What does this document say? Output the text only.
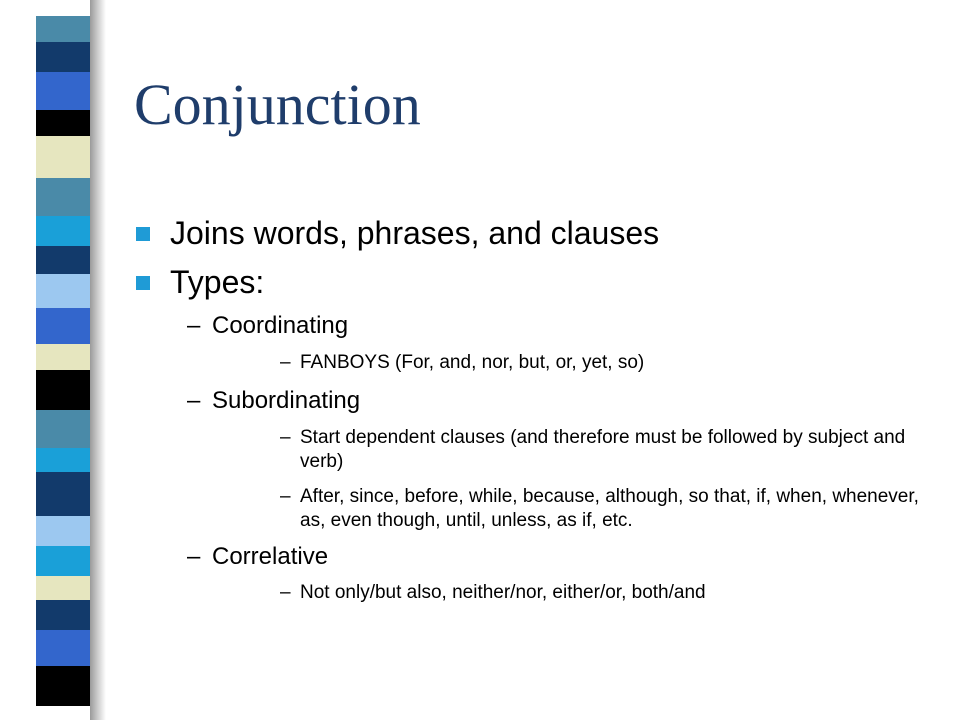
Conjunction
Joins words, phrases, and clauses
Types:
– Coordinating
– FANBOYS (For, and, nor, but, or, yet, so)
– Subordinating
– Start dependent clauses (and therefore must be followed by subject and verb)
– After, since, before, while, because, although, so that, if, when, whenever, as, even though, until, unless, as if, etc.
– Correlative
– Not only/but also, neither/nor, either/or, both/and
